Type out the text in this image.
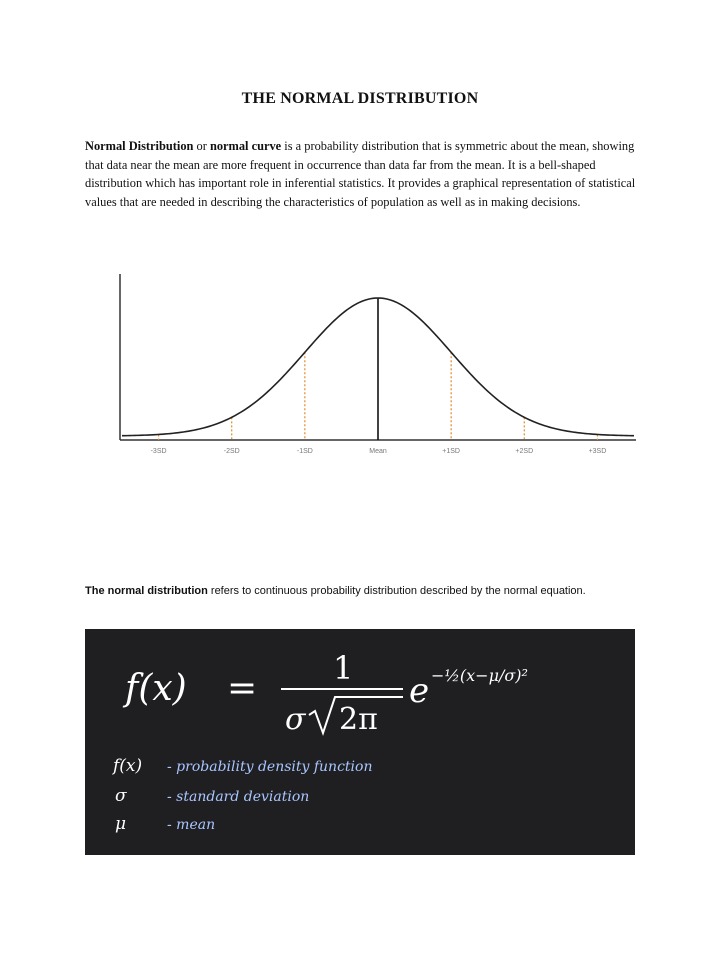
THE NORMAL DISTRIBUTION
Normal Distribution or normal curve is a probability distribution that is symmetric about the mean, showing that data near the mean are more frequent in occurrence than data far from the mean. It is a bell-shaped distribution which has important role in inferential statistics. It provides a graphical representation of statistical values that are needed in describing the characteristics of population as well as in making decisions.
-3SD	-2SD	-1SD	Mean	+1SD	+2SD	+3SD
The normal distribution refers to continuous probability distribution described by the normal equation.
f(x) = 1
σ 2π
e −½(x−μ/σ)²
f(x) - probability density function
σ	- standard deviation
μ	- mean
